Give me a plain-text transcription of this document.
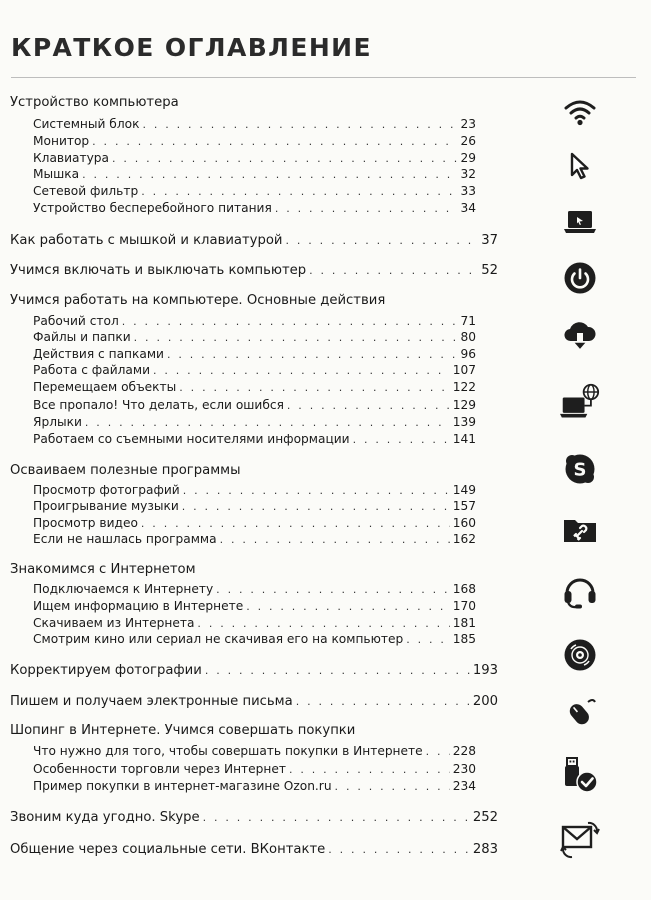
КРАТКОЕ ОГЛАВЛЕНИЕ
Устройство компьютера
Системный блок . . .	23
Монитор . . .	26
Клавиатура . . .	29
Мышка . . .	32
Сетевой фильтр . . .	33
Устройство бесперебойного питания . . .	34
Как работать с мышкой и клавиатурой . . .	37
Учимся включать и выключать компьютер . . .	52
Учимся работать на компьютере. Основные действия
Рабочий стол . . .	71
Файлы и папки . . .	80
Действия с папками . . .	96
Работа с файлами . . .	107
Перемещаем объекты . . .	122
Все пропало! Что делать, если ошибся . . .	129
Ярлыки . . .	139
Работаем со съемными носителями информации . . .	141
Осваиваем полезные программы
Просмотр фотографий . . .	149
Проигрывание музыки . . .	157
Просмотр видео . . .	160
Если не нашлась программа . . .	162
Знакомимся с Интернетом
Подключаемся к Интернету . . .	168
Ищем информацию в Интернете . . .	170
Скачиваем из Интернета . . .	181
Смотрим кино или сериал не скачивая его на компьютер . . .	185
Корректируем фотографии . . .	193
Пишем и получаем электронные письма . . .	200
Шопинг в Интернете. Учимся совершать покупки
Что нужно для того, чтобы совершать покупки в Интернете . . . 228
Особенности торговли через Интернет . . .	230
Пример покупки в интернет-магазине Ozon.ru . . .	234
Звоним куда угодно. Skype . . .	252
Общение через социальные сети. ВКонтакте . . .	283
S
